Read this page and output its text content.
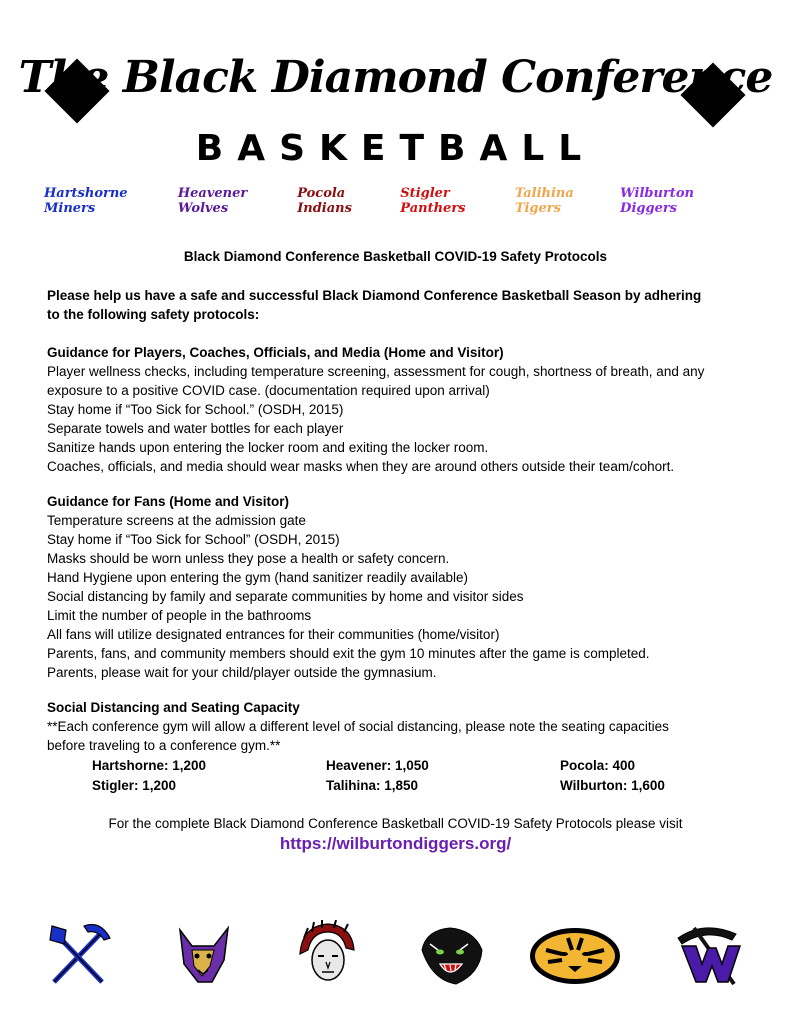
The Black Diamond Conference
BASKETBALL
Hartshorne Miners
Heavener Wolves
Pocola Indians
Stigler Panthers
Talihina Tigers
Wilburton Diggers
Black Diamond Conference Basketball COVID-19 Safety Protocols

Please help us have a safe and successful Black Diamond Conference Basketball Season by adhering

to the following safety protocols:

Guidance for Players, Coaches, Officials, and Media (Home and Visitor)

Player wellness checks, including temperature screening, assessment for cough, shortness of breath, and any

exposure to a positive COVID case. (documentation required upon arrival)

Stay home if “Too Sick for School.” (OSDH, 2015)

Separate towels and water bottles for each player

Sanitize hands upon entering the locker room and exiting the locker room.

Coaches, officials, and media should wear masks when they are around others outside their team/cohort.

Guidance for Fans (Home and Visitor)

Temperature screens at the admission gate

Stay home if “Too Sick for School” (OSDH, 2015)

Masks should be worn unless they pose a health or safety concern.

Hand Hygiene upon entering the gym (hand sanitizer readily available)

Social distancing by family and separate communities by home and visitor sides

Limit the number of people in the bathrooms

All fans will utilize designated entrances for their communities (home/visitor)

Parents, fans, and community members should exit the gym 10 minutes after the game is completed.

Parents, please wait for your child/player outside the gymnasium.

Social Distancing and Seating Capacity

**Each conference gym will allow a different level of social distancing, please note the seating capacities

before traveling to a conference gym.**

Hartshorne: 1,200	Heavener: 1,050	Pocola: 400
Stigler: 1,200	Talihina: 1,850	Wilburton: 1,600
For the complete Black Diamond Conference Basketball COVID-19 Safety Protocols please visit
https://wilburtondiggers.org/
